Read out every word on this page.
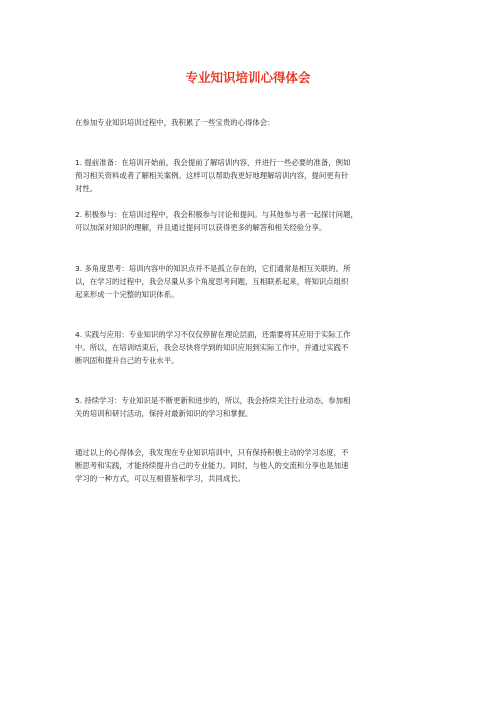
专业知识培训心得体会

在参加专业知识培训过程中，我积累了一些宝贵的心得体会：

1. 提前准备：在培训开始前，我会提前了解培训内容，并进行一些必要的准备，例如
预习相关资料或者了解相关案例。这样可以帮助我更好地理解培训内容，提问更有针
对性。

2. 积极参与：在培训过程中，我会积极参与讨论和提问。与其他参与者一起探讨问题，
可以加深对知识的理解，并且通过提问可以获得更多的解答和相关经验分享。

3. 多角度思考：培训内容中的知识点并不是孤立存在的，它们通常是相互关联的。所
以，在学习的过程中，我会尽量从多个角度思考问题，互相联系起来，将知识点组织
起来形成一个完整的知识体系。

4. 实践与应用：专业知识的学习不仅仅停留在理论层面，还需要将其应用于实际工作
中。所以，在培训结束后，我会尽快将学到的知识应用到实际工作中，并通过实践不
断巩固和提升自己的专业水平。

5. 持续学习：专业知识是不断更新和进步的，所以，我会持续关注行业动态，参加相
关的培训和研讨活动，保持对最新知识的学习和掌握。

通过以上的心得体会，我发现在专业知识培训中，只有保持积极主动的学习态度，不
断思考和实践，才能持续提升自己的专业能力。同时，与他人的交流和分享也是加速
学习的一种方式，可以互相借鉴和学习，共同成长。
